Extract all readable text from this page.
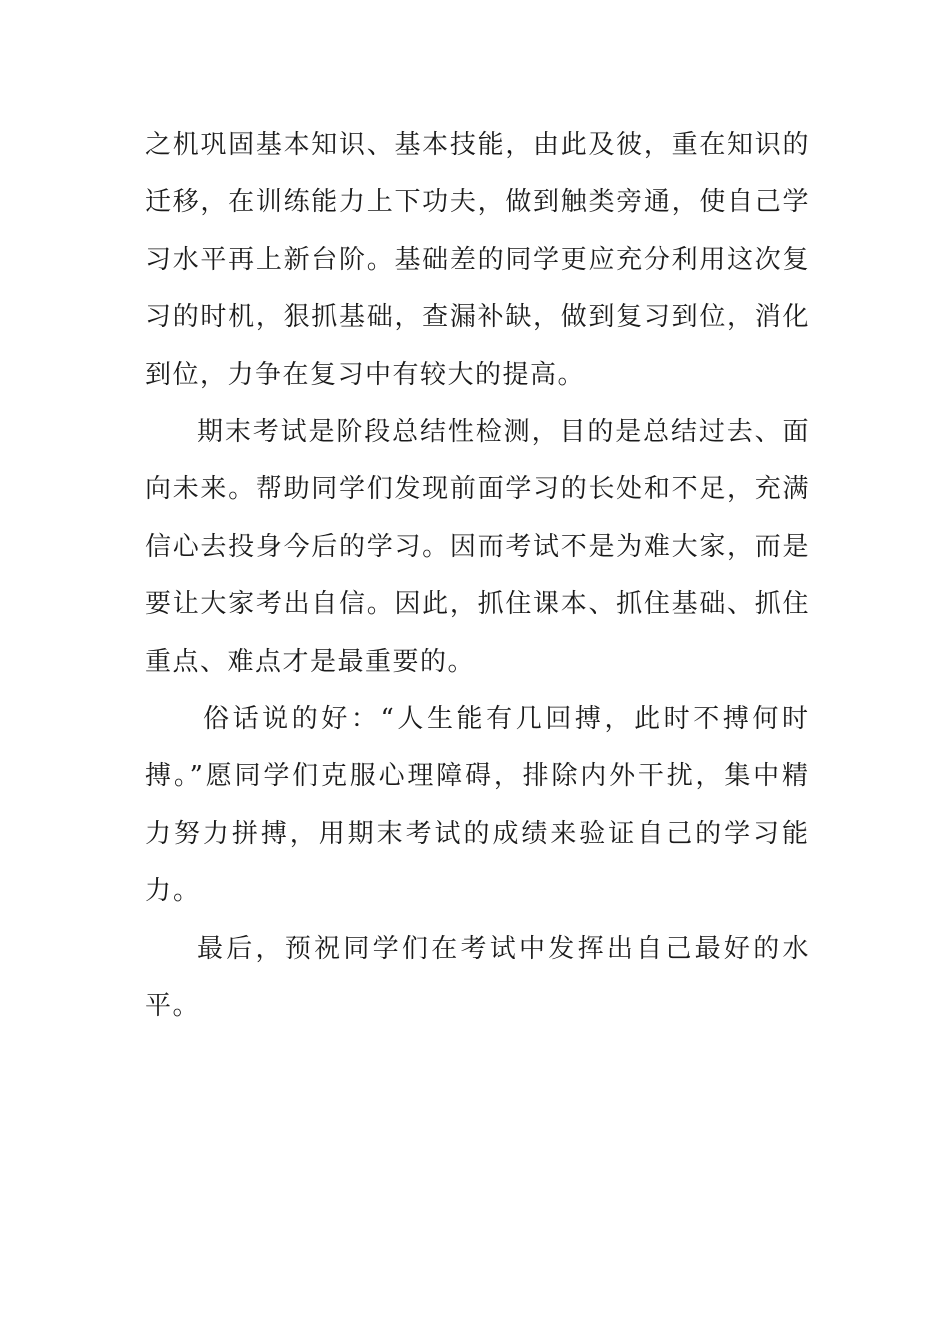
之机巩固基本知识、基本技能，由此及彼，重在知识的迁移，在训练能力上下功夫，做到触类旁通，使自己学习水平再上新台阶。基础差的同学更应充分利用这次复习的时机，狠抓基础，查漏补缺，做到复习到位，消化到位，力争在复习中有较大的提高。

期末考试是阶段总结性检测，目的是总结过去、面向未来。帮助同学们发现前面学习的长处和不足，充满信心去投身今后的学习。因而考试不是为难大家，而是要让大家考出自信。因此，抓住课本、抓住基础、抓住重点、难点才是最重要的。

俗话说的好：“人生能有几回搏，此时不搏何时搏。”愿同学们克服心理障碍，排除内外干扰，集中精力努力拼搏，用期末考试的成绩来验证自己的学习能力。

最后，预祝同学们在考试中发挥出自己最好的水平。
